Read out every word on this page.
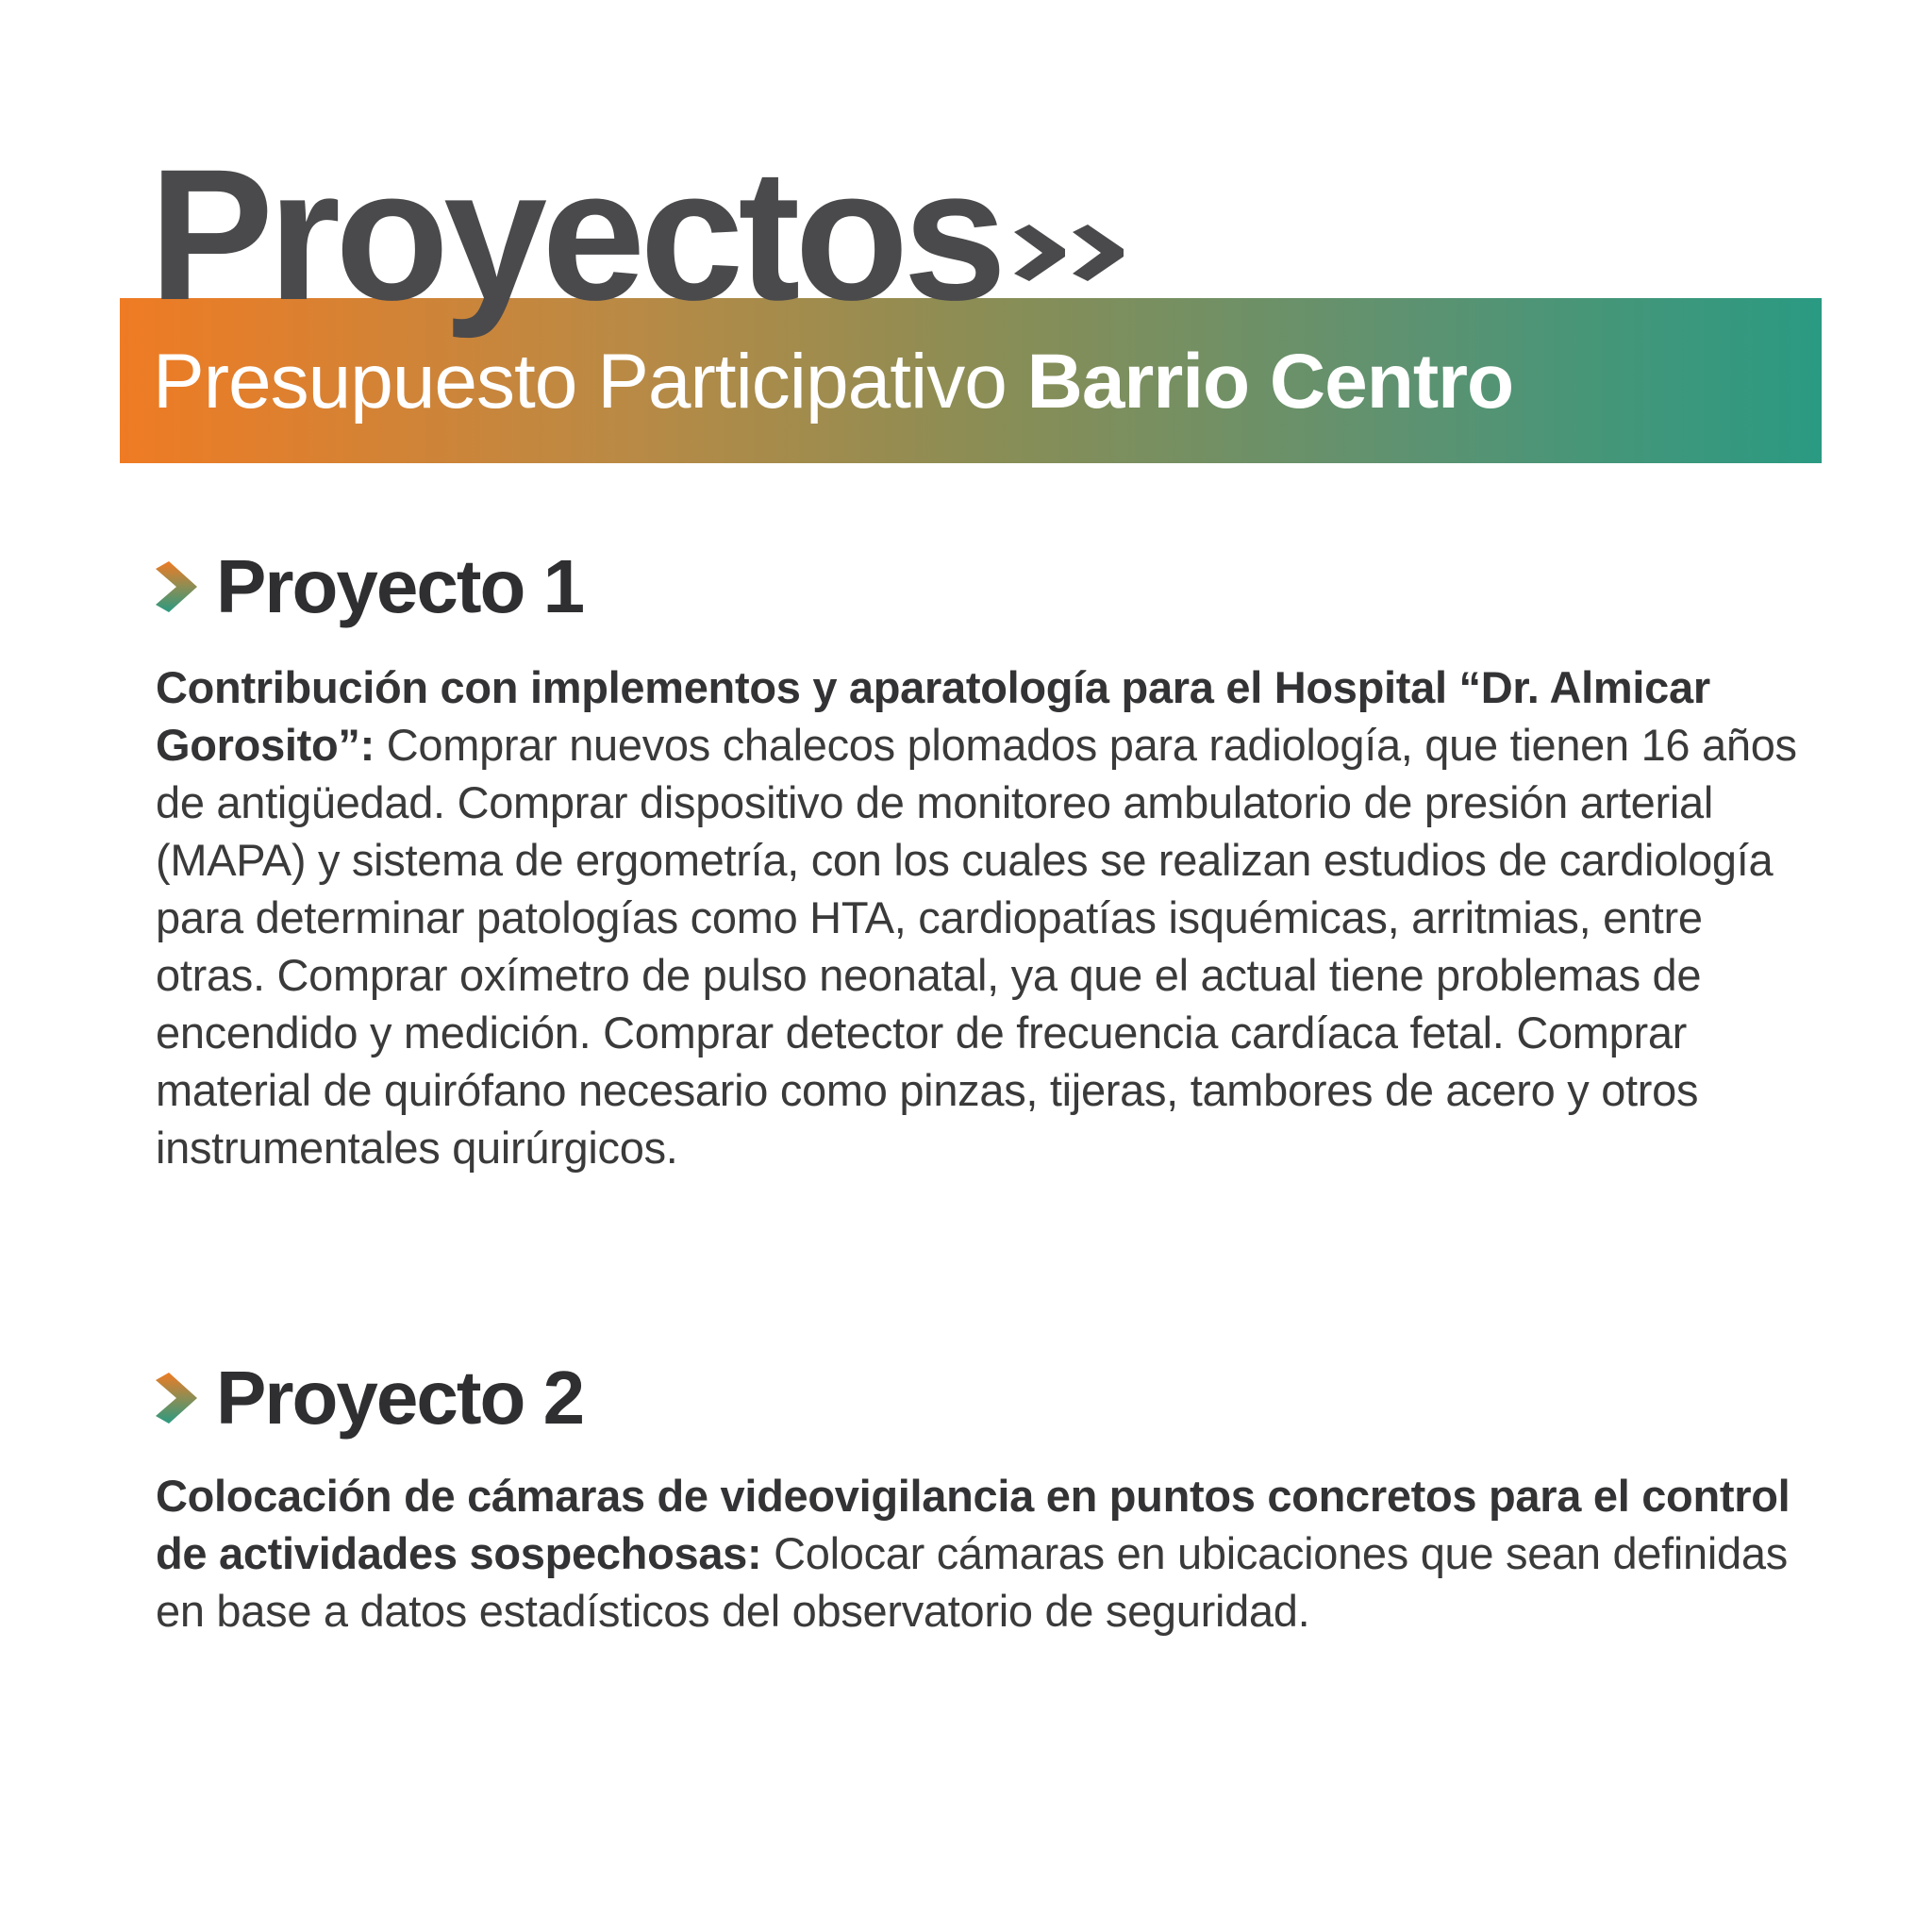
Proyectos

Presupuesto Participativo Barrio Centro

Proyecto 1

Contribución con implementos y aparatología para el Hospital “Dr. Almicar Gorosito”: Comprar nuevos chalecos plomados para radiología, que tienen 16 años de antigüedad. Comprar dispositivo de monitoreo ambulatorio de presión arterial (MAPA) y sistema de ergometría, con los cuales se realizan estudios de cardiología para determinar patologías como HTA, cardiopatías isquémicas, arritmias, entre otras. Comprar oxímetro de pulso neonatal, ya que el actual tiene problemas de encendido y medición. Comprar detector de frecuencia cardíaca fetal. Comprar material de quirófano necesario como pinzas, tijeras, tambores de acero y otros instrumentales quirúrgicos.

Proyecto 2

Colocación de cámaras de videovigilancia en puntos concretos para el control de actividades sospechosas: Colocar cámaras en ubicaciones que sean definidas en base a datos estadísticos del observatorio de seguridad.
